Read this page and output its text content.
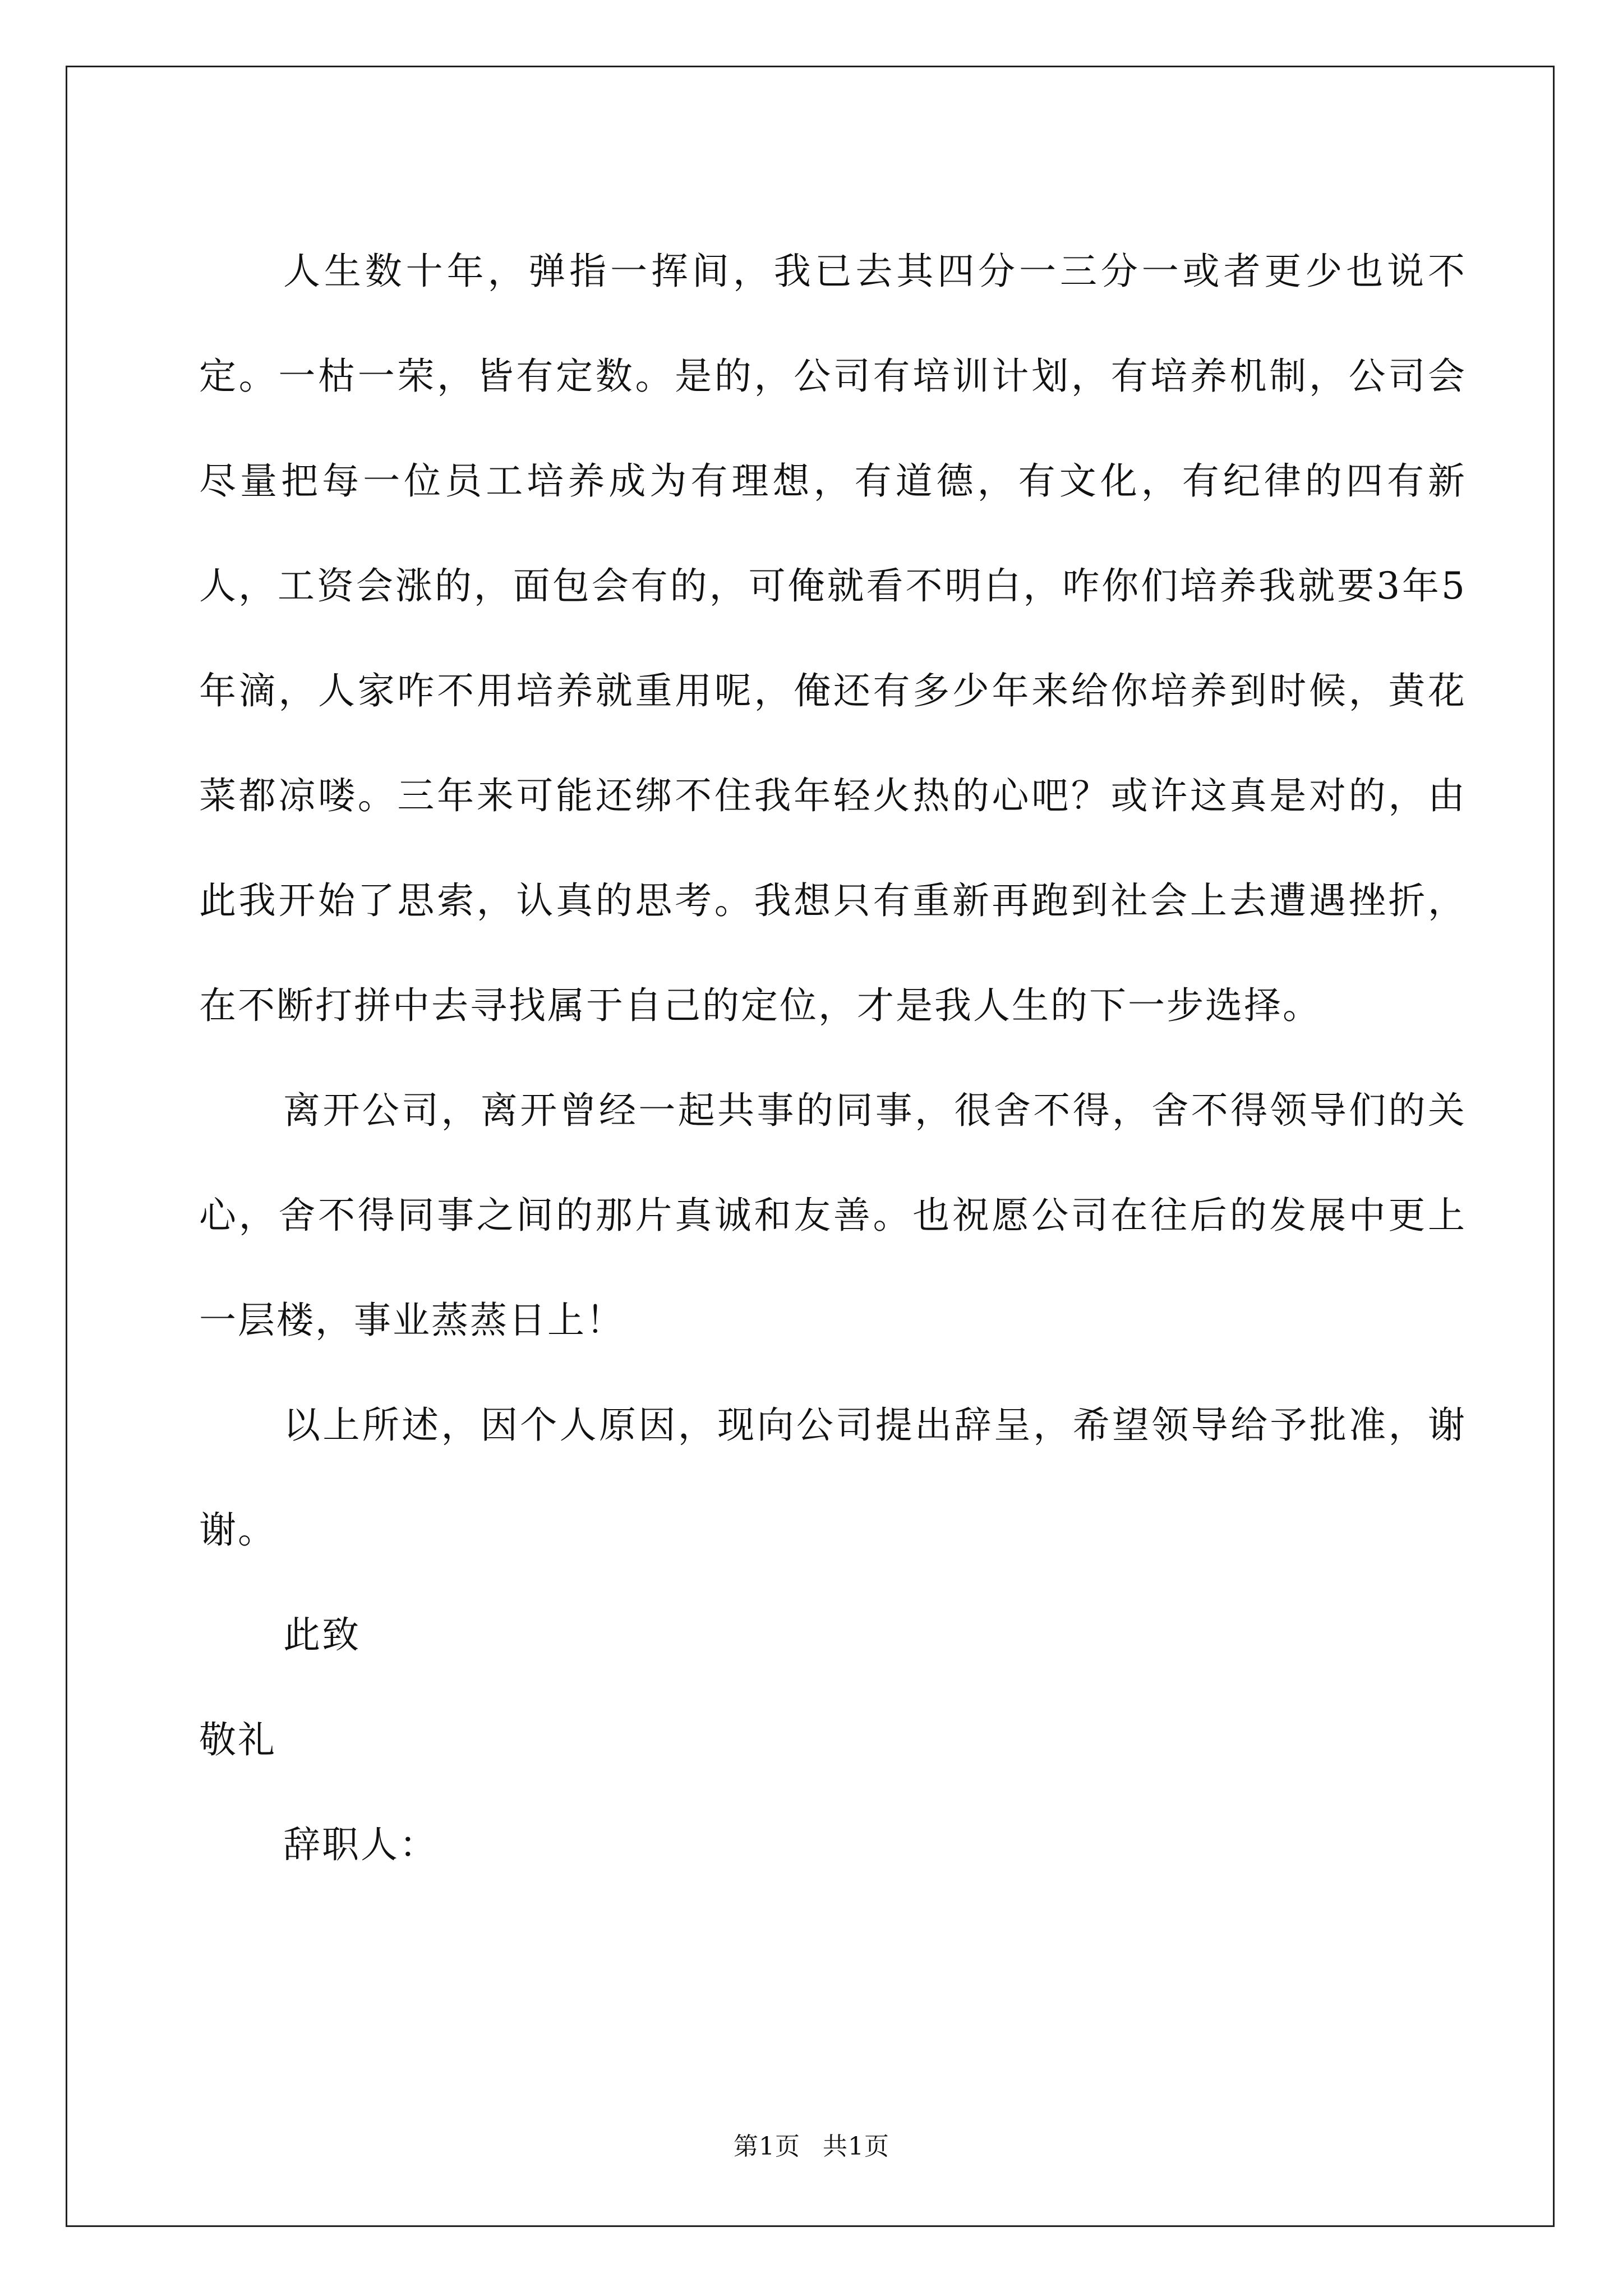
人生数十年，弹指一挥间，我已去其四分一三分一或者更少也说不定。一枯一荣，皆有定数。是的，公司有培训计划，有培养机制，公司会尽量把每一位员工培养成为有理想，有道德，有文化，有纪律的四有新人，工资会涨的，面包会有的，可俺就看不明白，咋你们培养我就要3年5年滴，人家咋不用培养就重用呢，俺还有多少年来给你培养到时候，黄花菜都凉喽。三年来可能还绑不住我年轻火热的心吧？或许这真是对的，由此我开始了思索，认真的思考。我想只有重新再跑到社会上去遭遇挫折，在不断打拼中去寻找属于自己的定位，才是我人生的下一步选择。

离开公司，离开曾经一起共事的同事，很舍不得，舍不得领导们的关心，舍不得同事之间的那片真诚和友善。也祝愿公司在往后的发展中更上一层楼，事业蒸蒸日上！

以上所述，因个人原因，现向公司提出辞呈，希望领导给予批准，谢谢。

此致

敬礼

辞职人：

第1页 共1页
